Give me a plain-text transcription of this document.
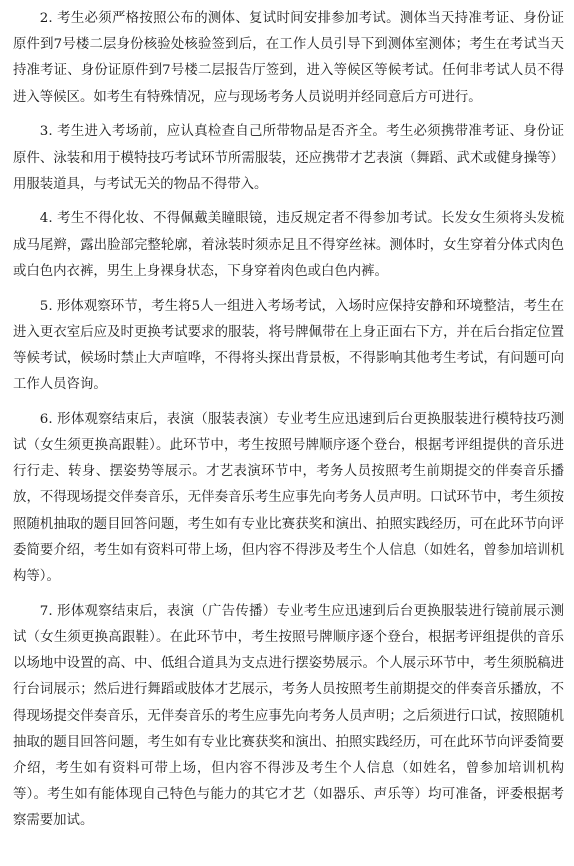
2. 考生必须严格按照公布的测体、复试时间安排参加考试。测体当天持准考证、身份证原件到7号楼二层身份核验处核验签到后，在工作人员引导下到测体室测体；考生在考试当天持准考证、身份证原件到7号楼二层报告厅签到，进入等候区等候考试。任何非考试人员不得进入等候区。如考生有特殊情况，应与现场考务人员说明并经同意后方可进行。

3. 考生进入考场前，应认真检查自己所带物品是否齐全。考生必须携带准考证、身份证原件、泳装和用于模特技巧考试环节所需服装，还应携带才艺表演（舞蹈、武术或健身操等）用服装道具，与考试无关的物品不得带入。

4. 考生不得化妆、不得佩戴美瞳眼镜，违反规定者不得参加考试。长发女生须将头发梳成马尾辫，露出脸部完整轮廓，着泳装时须赤足且不得穿丝袜。测体时，女生穿着分体式肉色或白色内衣裤，男生上身裸身状态，下身穿着肉色或白色内裤。

5. 形体观察环节，考生将5人一组进入考场考试，入场时应保持安静和环境整洁，考生在进入更衣室后应及时更换考试要求的服装，将号牌佩带在上身正面右下方，并在后台指定位置等候考试，候场时禁止大声喧哗，不得将头探出背景板，不得影响其他考生考试，有问题可向工作人员咨询。

6. 形体观察结束后，表演（服装表演）专业考生应迅速到后台更换服装进行模特技巧测试（女生须更换高跟鞋）。此环节中，考生按照号牌顺序逐个登台，根据考评组提供的音乐进行行走、转身、摆姿势等展示。才艺表演环节中，考务人员按照考生前期提交的伴奏音乐播放，不得现场提交伴奏音乐，无伴奏音乐考生应事先向考务人员声明。口试环节中，考生须按照随机抽取的题目回答问题，考生如有专业比赛获奖和演出、拍照实践经历，可在此环节向评委简要介绍，考生如有资料可带上场，但内容不得涉及考生个人信息（如姓名，曾参加培训机构等）。

7. 形体观察结束后，表演（广告传播）专业考生应迅速到后台更换服装进行镜前展示测试（女生须更换高跟鞋）。在此环节中，考生按照号牌顺序逐个登台，根据考评组提供的音乐以场地中设置的高、中、低组合道具为支点进行摆姿势展示。个人展示环节中，考生须脱稿进行台词展示；然后进行舞蹈或肢体才艺展示，考务人员按照考生前期提交的伴奏音乐播放，不得现场提交伴奏音乐，无伴奏音乐的考生应事先向考务人员声明；之后须进行口试，按照随机抽取的题目回答问题，考生如有专业比赛获奖和演出、拍照实践经历，可在此环节向评委简要介绍，考生如有资料可带上场，但内容不得涉及考生个人信息（如姓名，曾参加培训机构等）。考生如有能体现自己特色与能力的其它才艺（如器乐、声乐等）均可准备，评委根据考察需要加试。
